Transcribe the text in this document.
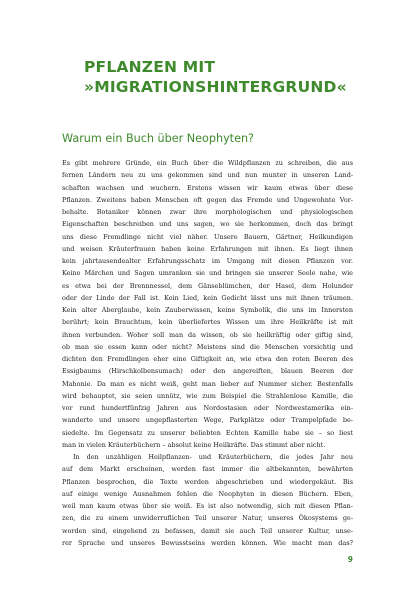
PFLANZEN MIT
»MIGRATIONSHINTERGRUND«
Warum ein Buch über Neophyten?
Es gibt mehrere Gründe, ein Buch über die Wildpflanzen zu schreiben, die aus
fernen Ländern neu zu uns gekommen sind und nun munter in unseren Land-
schaften wachsen und wuchern. Erstens wissen wir kaum etwas über diese
Pflanzen. Zweitens haben Menschen oft gegen das Fremde und Ungewohnte Vor-
behalte. Botaniker können zwar ihre morphologischen und physiologischen
Eigenschaften beschreiben und uns sagen, wo sie herkommen, doch das bringt
uns diese Fremdlinge nicht viel näher. Unsere Bauern, Gärtner, Heilkundigen
und weisen Kräuterfrauen haben keine Erfahrungen mit ihnen. Es liegt ihnen
kein jahrtausendealter Erfahrungsschatz im Umgang mit diesen Pflanzen vor.
Keine Märchen und Sagen umranken sie und bringen sie unserer Seele nahe, wie
es etwa bei der Brennnessel, dem Gänseblümchen, der Hasel, dem Holunder
oder der Linde der Fall ist. Kein Lied, kein Gedicht lässt uns mit ihnen träumen.
Kein alter Aberglaube, kein Zauberwissen, keine Symbolik, die uns im Innersten
berührt; kein Brauchtum, kein überliefertes Wissen um ihre Heilkräfte ist mit
ihnen verbunden. Woher soll man da wissen, ob sie heilkräftig oder giftig sind,
ob man sie essen kann oder nicht? Meistens sind die Menschen vorsichtig und
dichten den Fremdlingen eher eine Giftigkeit an, wie etwa den roten Beeren des
Essigbaums (Hirschkolbensumach) oder den angereiften, blauen Beeren der
Mahonie. Da man es nicht weiß, geht man lieber auf Nummer sicher. Bestenfalls
wird behauptet, sie seien unnütz, wie zum Beispiel die Strahlenlose Kamille, die
vor rund hundertfünfzig Jahren aus Nordostasien oder Nordwestamerika ein-
wanderte und unsere ungepflasterten Wege, Parkplätze oder Trampelpfade be-
siedelte. Im Gegensatz zu unserer beliebten Echten Kamille habe sie – so liest
man in vielen Kräuterbüchern – absolut keine Heilkräfte. Das stimmt aber nicht.
In den unzähligen Heilpflanzen- und Kräuterbüchern, die jedes Jahr neu
auf dem Markt erscheinen, werden fast immer die altbekannten, bewährten
Pflanzen besprochen, die Texte werden abgeschrieben und wiedergekäut. Bis
auf einige wenige Ausnahmen fehlen die Neophyten in diesen Büchern. Eben,
weil man kaum etwas über sie weiß. Es ist also notwendig, sich mit diesen Pflan-
zen, die zu einem unwiderruflichen Teil unserer Natur, unseres Ökosystems ge-
worden sind, eingehend zu befassen, damit sie auch Teil unserer Kultur, unse-
rer Sprache und unseres Bewusstseins werden können. Wie macht man das?
9
